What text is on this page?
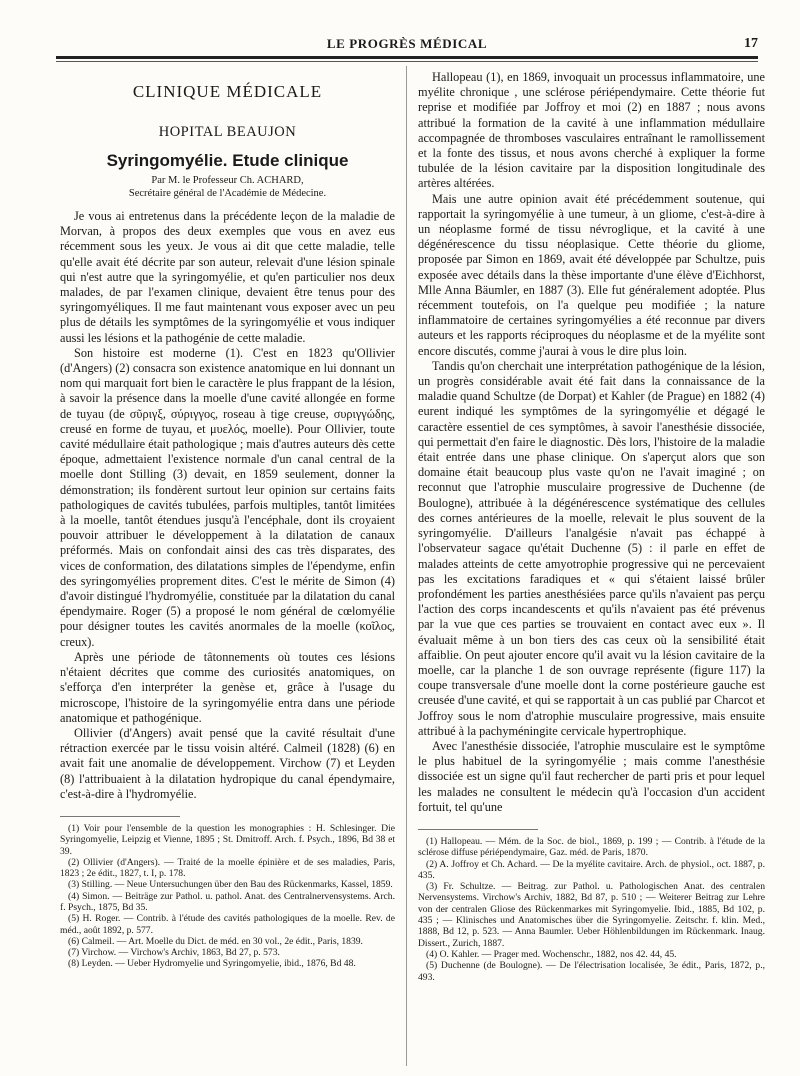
LE PROGRÈS MÉDICAL	17
CLINIQUE MÉDICALE
HOPITAL BEAUJON
Syringomyélie. Etude clinique
Par M. le Professeur Ch. ACHARD,
Secrétaire général de l'Académie de Médecine.

Je vous ai entretenus dans la précédente leçon de la maladie de Morvan, à propos des deux exemples que vous en avez eus récemment sous les yeux. Je vous ai dit que cette maladie, telle qu'elle avait été décrite par son auteur, relevait d'une lésion spinale qui n'est autre que la syringomyélie, et qu'en particulier nos deux malades, de par l'examen clinique, devaient être tenus pour des syringomyéliques. Il me faut maintenant vous exposer avec un peu plus de détails les symptômes de la syringomyélie et vous indiquer aussi les lésions et la pathogénie de cette maladie.

Son histoire est moderne (1). C'est en 1823 qu'Ollivier (d'Angers) (2) consacra son existence anatomique en lui donnant un nom qui marquait fort bien le caractère le plus frappant de la lésion, à savoir la présence dans la moelle d'une cavité allongée en forme de tuyau (de σῦριγξ, σύριγγος, roseau à tige creuse, συριγγώδης, creusé en forme de tuyau, et μυελός, moelle). Pour Ollivier, toute cavité médullaire était pathologique ; mais d'autres auteurs dès cette époque, admettaient l'existence normale d'un canal central de la moelle dont Stilling (3) devait, en 1859 seulement, donner la démonstration; ils fondèrent surtout leur opinion sur certains faits pathologiques de cavités tubulées, parfois multiples, tantôt limitées à la moelle, tantôt étendues jusqu'à l'encéphale, dont ils croyaient pouvoir attribuer le développement à la dilatation de canaux préformés. Mais on confondait ainsi des cas très disparates, des vices de conformation, des dilatations simples de l'épendyme, enfin des syringomyélies proprement dites. C'est le mérite de Simon (4) d'avoir distingué l'hydromyélie, constituée par la dilatation du canal épendymaire. Roger (5) a proposé le nom général de cœlomyélie pour désigner toutes les cavités anormales de la moelle (κοῖλος, creux).

Après une période de tâtonnements où toutes ces lésions n'étaient décrites que comme des curiosités anatomiques, on s'efforça d'en interpréter la genèse et, grâce à l'usage du microscope, l'histoire de la syringomyélie entra dans une période anatomique et pathogénique.

Ollivier (d'Angers) avait pensé que la cavité résultait d'une rétraction exercée par le tissu voisin altéré. Calmeil (1828) (6) en avait fait une anomalie de développement. Virchow (7) et Leyden (8) l'attribuaient à la dilatation hydropique du canal épendymaire, c'est-à-dire à l'hydromyélie.

(1) Voir pour l'ensemble de la question les monographies : H. Schlesinger. Die Syringomyelie, Leipzig et Vienne, 1895 ; St. Dmitroff. Arch. f. Psych., 1896, Bd 38 et 39.

(2) Ollivier (d'Angers). — Traité de la moelle épinière et de ses maladies, Paris, 1823 ; 2e édit., 1827, t. I, p. 178.

(3) Stilling. — Neue Untersuchungen über den Bau des Rückenmarks, Kassel, 1859.

(4) Simon. — Beiträge zur Pathol. u. pathol. Anat. des Centralnervensystems. Arch. f. Psych., 1875, Bd 35.

(5) H. Roger. — Contrib. à l'étude des cavités pathologiques de la moelle. Rev. de méd., août 1892, p. 577.

(6) Calmeil. — Art. Moelle du Dict. de méd. en 30 vol., 2e édit., Paris, 1839.

(7) Virchow. — Virchow's Archiv, 1863, Bd 27, p. 573.

(8) Leyden. — Ueber Hydromyelie und Syringomyelie, ibid., 1876, Bd 48.

Hallopeau (1), en 1869, invoquait un processus inflammatoire, une myélite chronique , une sclérose périépendymaire. Cette théorie fut reprise et modifiée par Joffroy et moi (2) en 1887 ; nous avons attribué la formation de la cavité à une inflammation médullaire accompagnée de thromboses vasculaires entraînant le ramollissement et la fonte des tissus, et nous avons cherché à expliquer la forme tubulée de la lésion cavitaire par la disposition longitudinale des artères altérées.

Mais une autre opinion avait été précédemment soutenue, qui rapportait la syringomyélie à une tumeur, à un gliome, c'est-à-dire à un néoplasme formé de tissu névroglique, et la cavité à une dégénérescence du tissu néoplasique. Cette théorie du gliome, proposée par Simon en 1869, avait été développée par Schultze, puis exposée avec détails dans la thèse importante d'une élève d'Eichhorst, Mlle Anna Bäumler, en 1887 (3). Elle fut généralement adoptée. Plus récemment toutefois, on l'a quelque peu modifiée ; la nature inflammatoire de certaines syringomyélies a été reconnue par divers auteurs et les rapports réciproques du néoplasme et de la myélite sont encore discutés, comme j'aurai à vous le dire plus loin.

Tandis qu'on cherchait une interprétation pathogénique de la lésion, un progrès considérable avait été fait dans la connaissance de la maladie quand Schultze (de Dorpat) et Kahler (de Prague) en 1882 (4) eurent indiqué les symptômes de la syringomyélie et dégagé le caractère essentiel de ces symptômes, à savoir l'anesthésie dissociée, qui permettait d'en faire le diagnostic. Dès lors, l'histoire de la maladie était entrée dans une phase clinique. On s'aperçut alors que son domaine était beaucoup plus vaste qu'on ne l'avait imaginé ; on reconnut que l'atrophie musculaire progressive de Duchenne (de Boulogne), attribuée à la dégénérescence systématique des cellules des cornes antérieures de la moelle, relevait le plus souvent de la syringomyélie. D'ailleurs l'analgésie n'avait pas échappé à l'observateur sagace qu'était Duchenne (5) : il parle en effet de malades atteints de cette amyotrophie progressive qui ne percevaient pas les excitations faradiques et « qui s'étaient laissé brûler profondément les parties anesthésiées parce qu'ils n'avaient pas perçu l'action des corps incandescents et qu'ils n'avaient pas été prévenus par la vue que ces parties se trouvaient en contact avec eux ». Il évaluait même à un bon tiers des cas ceux où la sensibilité était affaiblie. On peut ajouter encore qu'il avait vu la lésion cavitaire de la moelle, car la planche 1 de son ouvrage représente (figure 117) la coupe transversale d'une moelle dont la corne postérieure gauche est creusée d'une cavité, et qui se rapportait à un cas publié par Charcot et Joffroy sous le nom d'atrophie musculaire progressive, mais ensuite attribué à la pachyméningite cervicale hypertrophique.

Avec l'anesthésie dissociée, l'atrophie musculaire est le symptôme le plus habituel de la syringomyélie ; mais comme l'anesthésie dissociée est un signe qu'il faut rechercher de parti pris et pour lequel les malades ne consultent le médecin qu'à l'occasion d'un accident fortuit, tel qu'une

(1) Hallopeau. — Mém. de la Soc. de biol., 1869, p. 199 ; — Contrib. à l'étude de la sclérose diffuse périépendymaire, Gaz. méd. de Paris, 1870.

(2) A. Joffroy et Ch. Achard. — De la myélite cavitaire. Arch. de physiol., oct. 1887, p. 435.

(3) Fr. Schultze. — Beitrag. zur Pathol. u. Pathologischen Anat. des centralen Nervensystems. Virchow's Archiv, 1882, Bd 87, p. 510 ; — Weiterer Beitrag zur Lehre von der centralen Gliose des Rückenmarkes mit Syringomyelie. Ibid., 1885, Bd 102, p. 435 ; — Klinisches und Anatomisches über die Syringomyelie. Zeitschr. f. klin. Med., 1888, Bd 12, p. 523. — Anna Baumler. Ueber Höhlenbildungen im Rückenmark. Inaug. Dissert., Zurich, 1887.

(4) O. Kahler. — Prager med. Wochenschr., 1882, nos 42. 44, 45.

(5) Duchenne (de Boulogne). — De l'électrisation localisée, 3e édit., Paris, 1872, p., 493.
